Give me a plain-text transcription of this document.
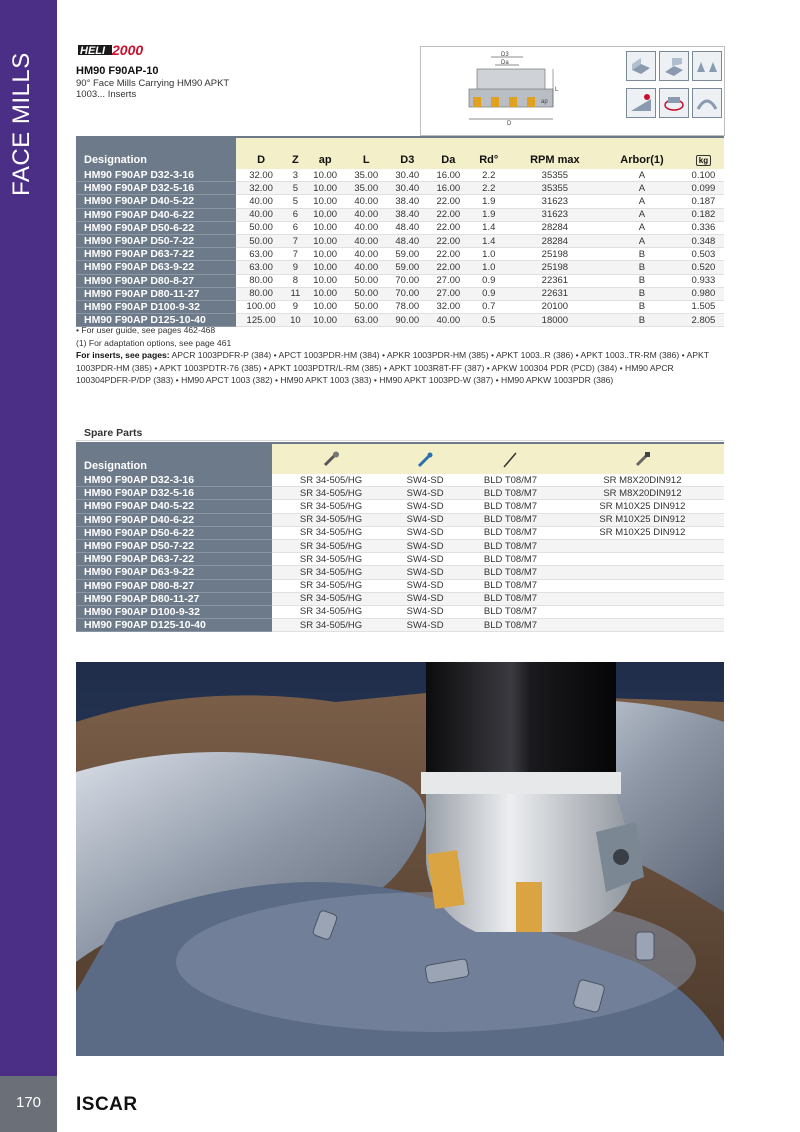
FACE MILLS
170	ISCAR
HELI 2000
HM90 F90AP-10
90° Face Mills Carrying HM90 APKT 1003... Inserts
D3
Da
L
ap
D
Designation	D	Z	ap	L	D3	Da	Rd°	RPM max	Arbor(1)	kg
HM90 F90AP D32-3-16	32.00	3	10.00	35.00	30.40	16.00	2.2	35355	A	0.100
HM90 F90AP D32-5-16	32.00	5	10.00	35.00	30.40	16.00	2.2	35355	A	0.099
HM90 F90AP D40-5-22	40.00	5	10.00	40.00	38.40	22.00	1.9	31623	A	0.187
HM90 F90AP D40-6-22	40.00	6	10.00	40.00	38.40	22.00	1.9	31623	A	0.182
HM90 F90AP D50-6-22	50.00	6	10.00	40.00	48.40	22.00	1.4	28284	A	0.336
HM90 F90AP D50-7-22	50.00	7	10.00	40.00	48.40	22.00	1.4	28284	A	0.348
HM90 F90AP D63-7-22	63.00	7	10.00	40.00	59.00	22.00	1.0	25198	B	0.503
HM90 F90AP D63-9-22	63.00	9	10.00	40.00	59.00	22.00	1.0	25198	B	0.520
HM90 F90AP D80-8-27	80.00	8	10.00	50.00	70.00	27.00	0.9	22361	B	0.933
HM90 F90AP D80-11-27	80.00	11	10.00	50.00	70.00	27.00	0.9	22631	B	0.980
HM90 F90AP D100-9-32	100.00	9	10.00	50.00	78.00	32.00	0.7	20100	B	1.505
HM90 F90AP D125-10-40	125.00	10	10.00	63.00	90.00	40.00	0.5	18000	B	2.805
• For user guide, see pages 462-468
(1) For adaptation options, see page 461
For inserts, see pages: APCR 1003PDFR-P (384) • APCT 1003PDR-HM (384) • APKR 1003PDR-HM (385) • APKT 1003..R (386) • APKT 1003..TR-RM (386) • APKT 1003PDR-HM (385) • APKT 1003PDTR-76 (385) • APKT 1003PDTR/L-RM (385) • APKT 1003R8T-FF (387) • APKW 100304 PDR (PCD) (384) • HM90 APCR 100304PDFR-P/DP (383) • HM90 APCT 1003 (382) • HM90 APKT 1003 (383) • HM90 APKT 1003PD-W (387) • HM90 APKW 1003PDR (386)
Spare Parts
Designation				
HM90 F90AP D32-3-16	SR 34-505/HG	SW4-SD	BLD T08/M7	SR M8X20DIN912
HM90 F90AP D32-5-16	SR 34-505/HG	SW4-SD	BLD T08/M7	SR M8X20DIN912
HM90 F90AP D40-5-22	SR 34-505/HG	SW4-SD	BLD T08/M7	SR M10X25 DIN912
HM90 F90AP D40-6-22	SR 34-505/HG	SW4-SD	BLD T08/M7	SR M10X25 DIN912
HM90 F90AP D50-6-22	SR 34-505/HG	SW4-SD	BLD T08/M7	SR M10X25 DIN912
HM90 F90AP D50-7-22	SR 34-505/HG	SW4-SD	BLD T08/M7	
HM90 F90AP D63-7-22	SR 34-505/HG	SW4-SD	BLD T08/M7	
HM90 F90AP D63-9-22	SR 34-505/HG	SW4-SD	BLD T08/M7	
HM90 F90AP D80-8-27	SR 34-505/HG	SW4-SD	BLD T08/M7	
HM90 F90AP D80-11-27	SR 34-505/HG	SW4-SD	BLD T08/M7	
HM90 F90AP D100-9-32	SR 34-505/HG	SW4-SD	BLD T08/M7	
HM90 F90AP D125-10-40	SR 34-505/HG	SW4-SD	BLD T08/M7	
